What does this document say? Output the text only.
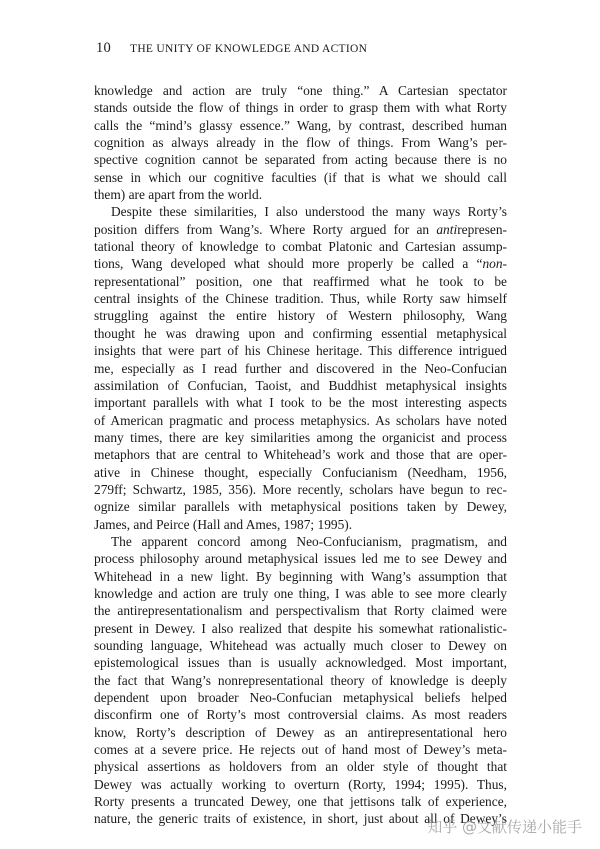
10 THE UNITY OF KNOWLEDGE AND ACTION
knowledge and action are truly “one thing.” A Cartesian spectator
stands outside the flow of things in order to grasp them with what Rorty
calls the “mind’s glassy essence.” Wang, by contrast, described human
cognition as always already in the flow of things. From Wang’s per-
spective cognition cannot be separated from acting because there is no
sense in which our cognitive faculties (if that is what we should call
them) are apart from the world.
Despite these similarities, I also understood the many ways Rorty’s
position differs from Wang’s. Where Rorty argued for an antirepresen-
tational theory of knowledge to combat Platonic and Cartesian assump-
tions, Wang developed what should more properly be called a “non-
representational” position, one that reaffirmed what he took to be
central insights of the Chinese tradition. Thus, while Rorty saw himself
struggling against the entire history of Western philosophy, Wang
thought he was drawing upon and confirming essential metaphysical
insights that were part of his Chinese heritage. This difference intrigued
me, especially as I read further and discovered in the Neo-Confucian
assimilation of Confucian, Taoist, and Buddhist metaphysical insights
important parallels with what I took to be the most interesting aspects
of American pragmatic and process metaphysics. As scholars have noted
many times, there are key similarities among the organicist and process
metaphors that are central to Whitehead’s work and those that are oper-
ative in Chinese thought, especially Confucianism (Needham, 1956,
279ff; Schwartz, 1985, 356). More recently, scholars have begun to rec-
ognize similar parallels with metaphysical positions taken by Dewey,
James, and Peirce (Hall and Ames, 1987; 1995).
The apparent concord among Neo-Confucianism, pragmatism, and
process philosophy around metaphysical issues led me to see Dewey and
Whitehead in a new light. By beginning with Wang’s assumption that
knowledge and action are truly one thing, I was able to see more clearly
the antirepresentationalism and perspectivalism that Rorty claimed were
present in Dewey. I also realized that despite his somewhat rationalistic-
sounding language, Whitehead was actually much closer to Dewey on
epistemological issues than is usually acknowledged. Most important,
the fact that Wang’s nonrepresentational theory of knowledge is deeply
dependent upon broader Neo-Confucian metaphysical beliefs helped
disconfirm one of Rorty’s most controversial claims. As most readers
know, Rorty’s description of Dewey as an antirepresentational hero
comes at a severe price. He rejects out of hand most of Dewey’s meta-
physical assertions as holdovers from an older style of thought that
Dewey was actually working to overturn (Rorty, 1994; 1995). Thus,
Rorty presents a truncated Dewey, one that jettisons talk of experience,
nature, the generic traits of existence, in short, just about all of Dewey’s
知乎 @文献传递小能手
